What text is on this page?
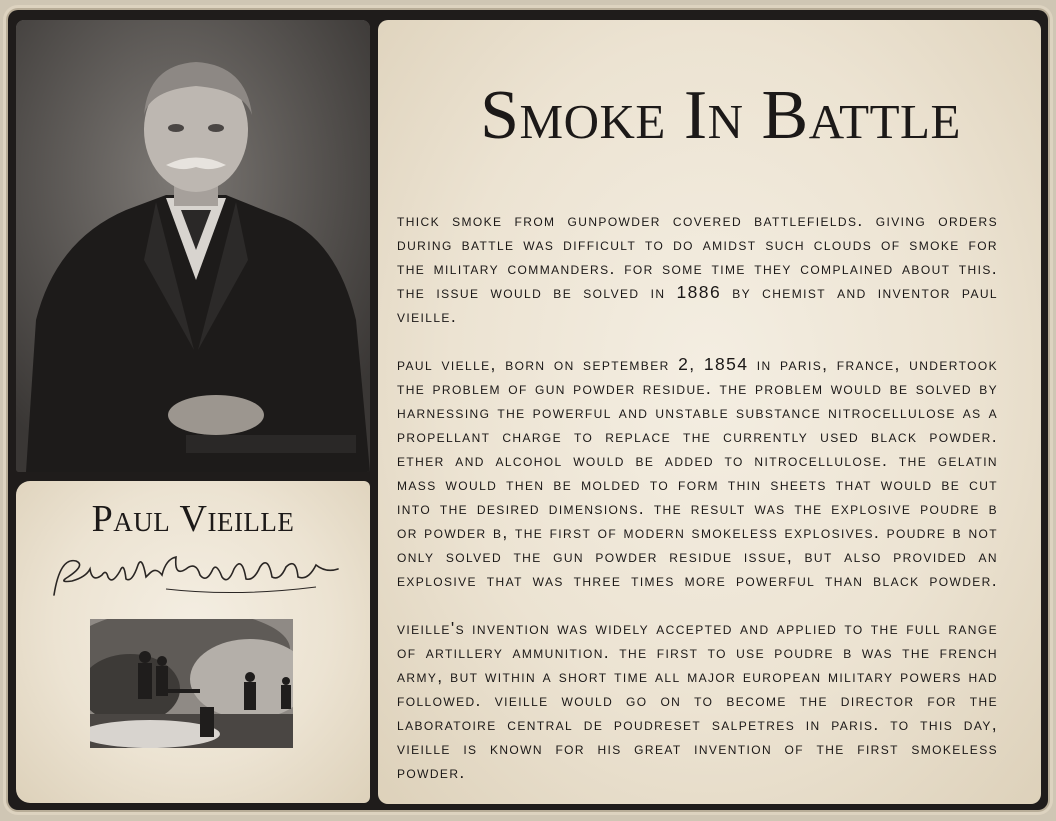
Paul Vieille
Smoke In Battle

thick smoke from gunpowder covered battlefields. giving orders during battle was difficult to do amidst such clouds of smoke for the military commanders. for some time they complained about this. the issue would be solved in 1886 by chemist and inventor paul vieille.

paul vielle, born on september 2, 1854 in paris, france, undertook the problem of gun powder residue. the problem would be solved by harnessing the powerful and unstable substance nitrocellulose as a propellant charge to replace the currently used black powder. ether and alcohol would be added to nitrocellulose. the gelatin mass would then be molded to form thin sheets that would be cut into the desired dimensions. the result was the explosive poudre b or powder b, the first of modern smokeless explosives. poudre b not only solved the gun powder residue issue, but also provided an explosive that was three times more powerful than black powder.

vieille's invention was widely accepted and applied to the full range of artillery ammunition. the first to use poudre b was the french army, but within a short time all major european military powers had followed. vieille would go on to become the director for the laboratoire central de poudreset salpetres in paris. to this day, vieille is known for his great invention of the first smokeless powder.
